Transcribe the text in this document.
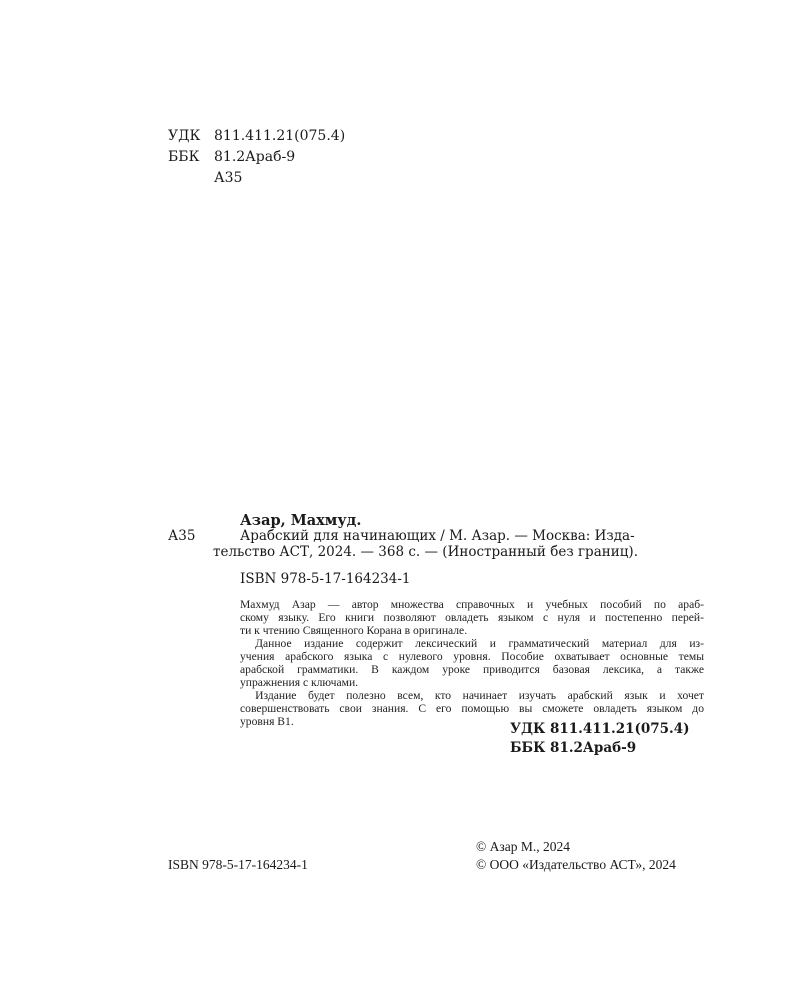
УДК 811.411.21(075.4)
ББК 81.2Араб-9
А35
Азар, Махмуд.
А35	Арабский для начинающих / М. Азар. — Москва: Изда-
тельство АСТ, 2024. — 368 с. — (Иностранный без границ).
ISBN 978-5-17-164234-1

Махмуд Азар — автор множества справочных и учебных пособий по араб-
скому языку. Его книги позволяют овладеть языком с нуля и постепенно перей-
ти к чтению Священного Корана в оригинале.

Данное издание содержит лексический и грамматический материал для из-
учения арабского языка с нулевого уровня. Пособие охватывает основные темы
арабской грамматики. В каждом уроке приводится базовая лексика, а также
упражнения с ключами.

Издание будет полезно всем, кто начинает изучать арабский язык и хочет
совершенствовать свои знания. С его помощью вы сможете овладеть языком до
уровня В1.	УДК 811.411.21(075.4)
ББК 81.2Араб-9
ISBN 978-5-17-164234-1
© Азар М., 2024
© ООО «Издательство АСТ», 2024
